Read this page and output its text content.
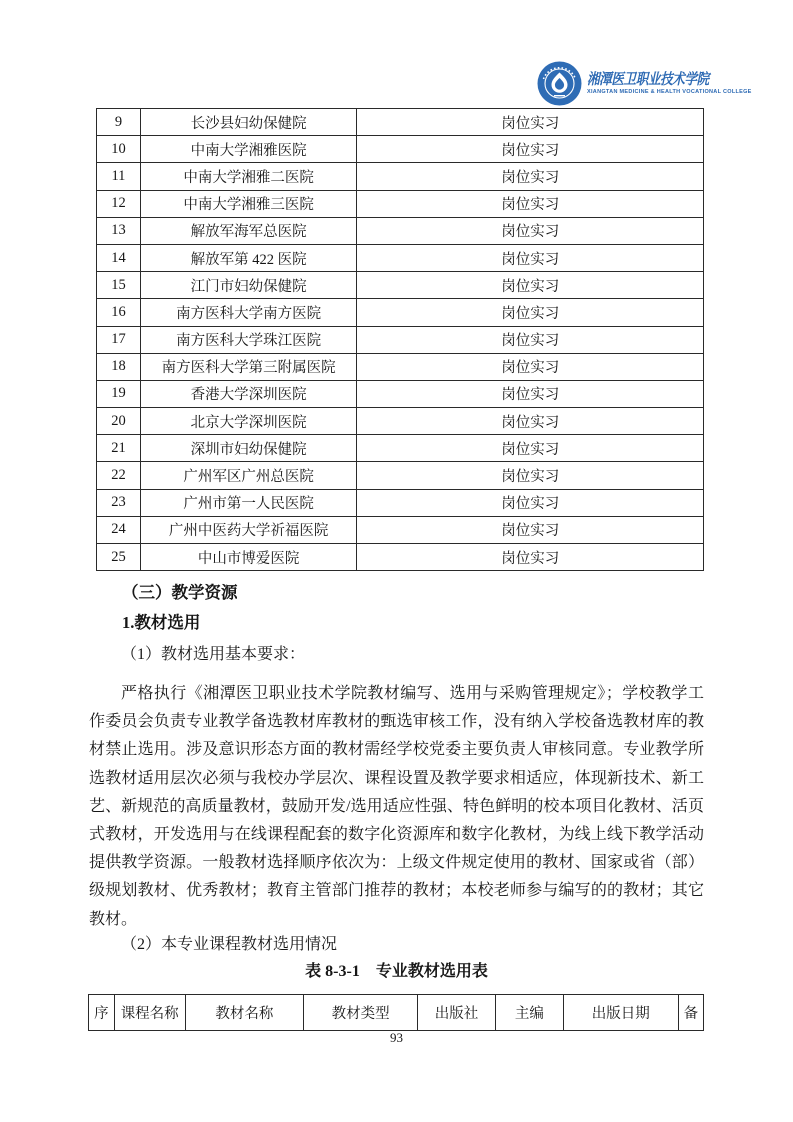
湘潭医卫职业技术学院
XIANGTAN MEDICINE & HEALTH VOCATIONAL COLLEGE
9	长沙县妇幼保健院	岗位实习
10	中南大学湘雅医院	岗位实习
11	中南大学湘雅二医院	岗位实习
12	中南大学湘雅三医院	岗位实习
13	解放军海军总医院	岗位实习
14	解放军第 422 医院	岗位实习
15	江门市妇幼保健院	岗位实习
16	南方医科大学南方医院	岗位实习
17	南方医科大学珠江医院	岗位实习
18	南方医科大学第三附属医院	岗位实习
19	香港大学深圳医院	岗位实习
20	北京大学深圳医院	岗位实习
21	深圳市妇幼保健院	岗位实习
22	广州军区广州总医院	岗位实习
23	广州市第一人民医院	岗位实习
24	广州中医药大学祈福医院	岗位实习
25	中山市博爱医院	岗位实习
（三）教学资源
1.教材选用
（1）教材选用基本要求：

严格执行《湘潭医卫职业技术学院教材编写、选用与采购管理规定》；学校教学工作委员会负责专业教学备选教材库教材的甄选审核工作，没有纳入学校备选教材库的教材禁止选用。涉及意识形态方面的教材需经学校党委主要负责人审核同意。专业教学所选教材适用层次必须与我校办学层次、课程设置及教学要求相适应，体现新技术、新工艺、新规范的高质量教材，鼓励开发/选用适应性强、特色鲜明的校本项目化教材、活页式教材，开发选用与在线课程配套的数字化资源库和数字化教材，为线上线下教学活动提供教学资源。一般教材选择顺序依次为：上级文件规定使用的教材、国家或省（部）级规划教材、优秀教材；教育主管部门推荐的教材；本校老师参与编写的的教材；其它教材。

（2）本专业课程教材选用情况
表 8-3-1　专业教材选用表
序	课程名称	教材名称	教材类型	出版社	主编	出版日期	备
93
